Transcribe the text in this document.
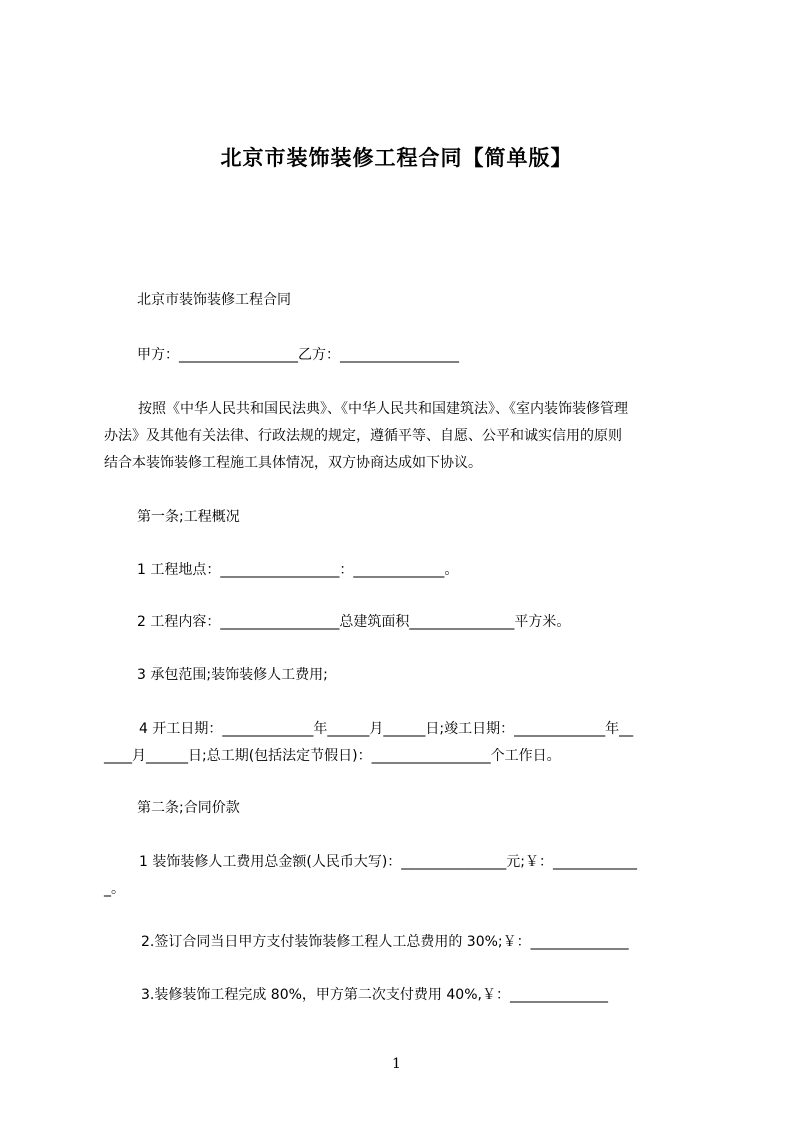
北京市装饰装修工程合同【简单版】
北京市装饰装修工程合同
甲方：_________________乙方：_________________
按照《中华人民共和国民法典》、《中华人民共和国建筑法》、《室内装饰装修管理
办法》及其他有关法律、行政法规的规定，遵循平等、自愿、公平和诚实信用的原则
结合本装饰装修工程施工具体情况，双方协商达成如下协议。
第一条;工程概况
1 工程地点：_________________：_____________。
2 工程内容：_________________总建筑面积_______________平方米。
3 承包范围;装饰装修人工费用;
4 开工日期：_____________年______月______日;竣工日期：_____________年__
____月______日;总工期(包括法定节假日)：_________________个工作日。
第二条;合同价款
1 装饰装修人工费用总金额(人民币大写)：_______________元;￥：____________
_。
2.签订合同当日甲方支付装饰装修工程人工总费用的 30%;￥：______________
3.装修装饰工程完成 80%，甲方第二次支付费用 40%,￥：______________
1
